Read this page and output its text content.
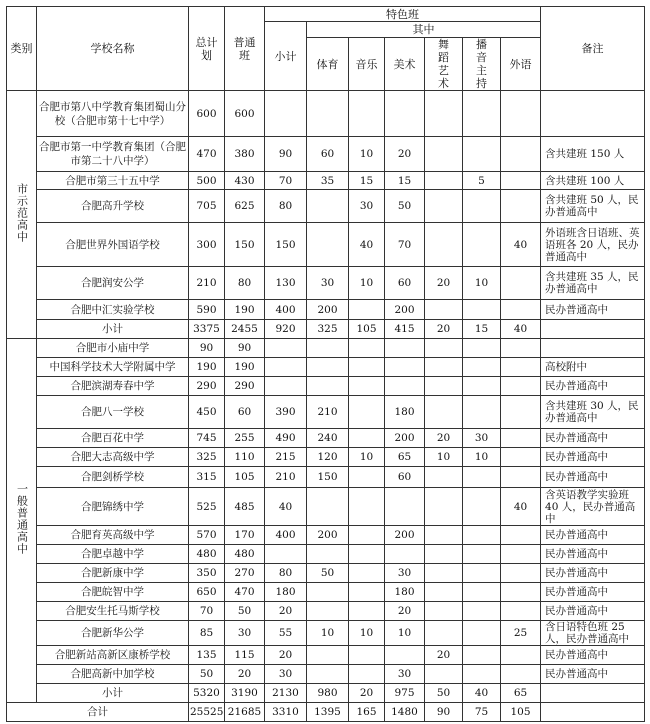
类别	学校名称	总计划	普通班	特色班							备注
				小计	其中						
					体育	音乐	美术	舞蹈艺术	播音主持	外语	
市示范高中	合肥市第八中学教育集团蜀山分校（合肥市第十七中学）	600	600								
	合肥市第一中学教育集团（合肥市第二十八中学）	470	380	90	60	10	20				含共建班 150 人
	合肥市第三十五中学	500	430	70	35	15	15		5		含共建班 100 人
	合肥高升学校	705	625	80		30	50				含共建班 50 人，民办普通高中
	合肥世界外国语学校	300	150	150		40	70			40	外语班含日语班、英语班各 20 人，民办普通高中
	合肥润安公学	210	80	130	30	10	60	20	10		含共建班 35 人，民办普通高中
	合肥中汇实验学校	590	190	400	200		200				民办普通高中
	小计	3375	2455	920	325	105	415	20	15	40	
一般普通高中	合肥市小庙中学	90	90								
	中国科学技术大学附属中学	190	190								高校附中
	合肥滨湖寿春中学	290	290								民办普通高中
	合肥八一学校	450	60	390	210		180				含共建班 30 人，民办普通高中
	合肥百花中学	745	255	490	240		200	20	30		民办普通高中
	合肥大志高级中学	325	110	215	120	10	65	10	10		民办普通高中
	合肥剑桥学校	315	105	210	150		60				民办普通高中
	合肥锦绣中学	525	485	40						40	含英语教学实验班 40 人，民办普通高中
	合肥育英高级中学	570	170	400	200		200				民办普通高中
	合肥卓越中学	480	480								民办普通高中
	合肥新康中学	350	270	80	50		30				民办普通高中
	合肥皖智中学	650	470	180			180				民办普通高中
	合肥安生托马斯学校	70	50	20			20				民办普通高中
	合肥新华公学	85	30	55	10	10	10			25	含日语特色班 25 人，民办普通高中
	合肥新站高新区康桥学校	135	115	20				20			民办普通高中
	合肥高新中加学校	50	20	30			30				民办普通高中
	小计	5320	3190	2130	980	20	975	50	40	65	
合计		25525	21685	3310	1395	165	1480	90	75	105	
